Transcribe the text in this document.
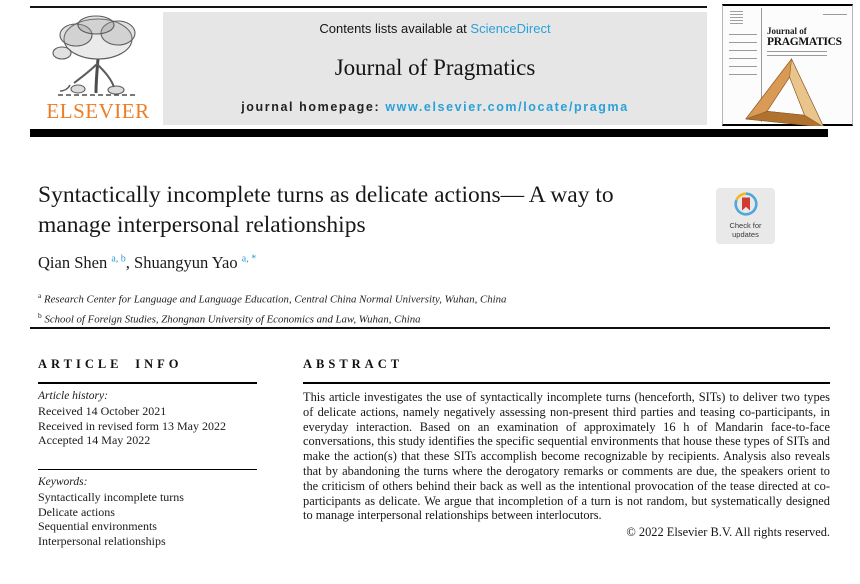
ELSEVIER
Contents lists available at ScienceDirect
Journal of Pragmatics
journal homepage: www.elsevier.com/locate/pragma
Journal of
PRAGMATICS
Syntactically incomplete turns as delicate actions— A way to manage interpersonal relationships	Check for
updates
Qian Shen $^{a, b}$, Shuangyun Yao $^{a, *}$
$^a$ Research Center for Language and Language Education, Central China Normal University, Wuhan, China
$^b$ School of Foreign Studies, Zhongnan University of Economics and Law, Wuhan, China
ARTICLE INFO
Article history:
Received 14 October 2021
Received in revised form 13 May 2022
Accepted 14 May 2022
Keywords:
Syntactically incomplete turns
Delicate actions
Sequential environments
Interpersonal relationships
ABSTRACT
This article investigates the use of syntactically incomplete turns (henceforth, SITs) to deliver two types of delicate actions, namely negatively assessing non-present third parties and teasing co-participants, in everyday interaction. Based on an examination of approximately 16 h of Mandarin face-to-face conversations, this study identifies the specific sequential environments that house these types of SITs and make the action(s) that these SITs accomplish become recognizable by recipients. Analysis also reveals that by abandoning the turns where the derogatory remarks or comments are due, the speakers orient to the criticism of others behind their back as well as the intentional provocation of the tease directed at co-participants as delicate. We argue that incompletion of a turn is not random, but systematically designed to manage interpersonal relationships between interlocutors.
© 2022 Elsevier B.V. All rights reserved.
